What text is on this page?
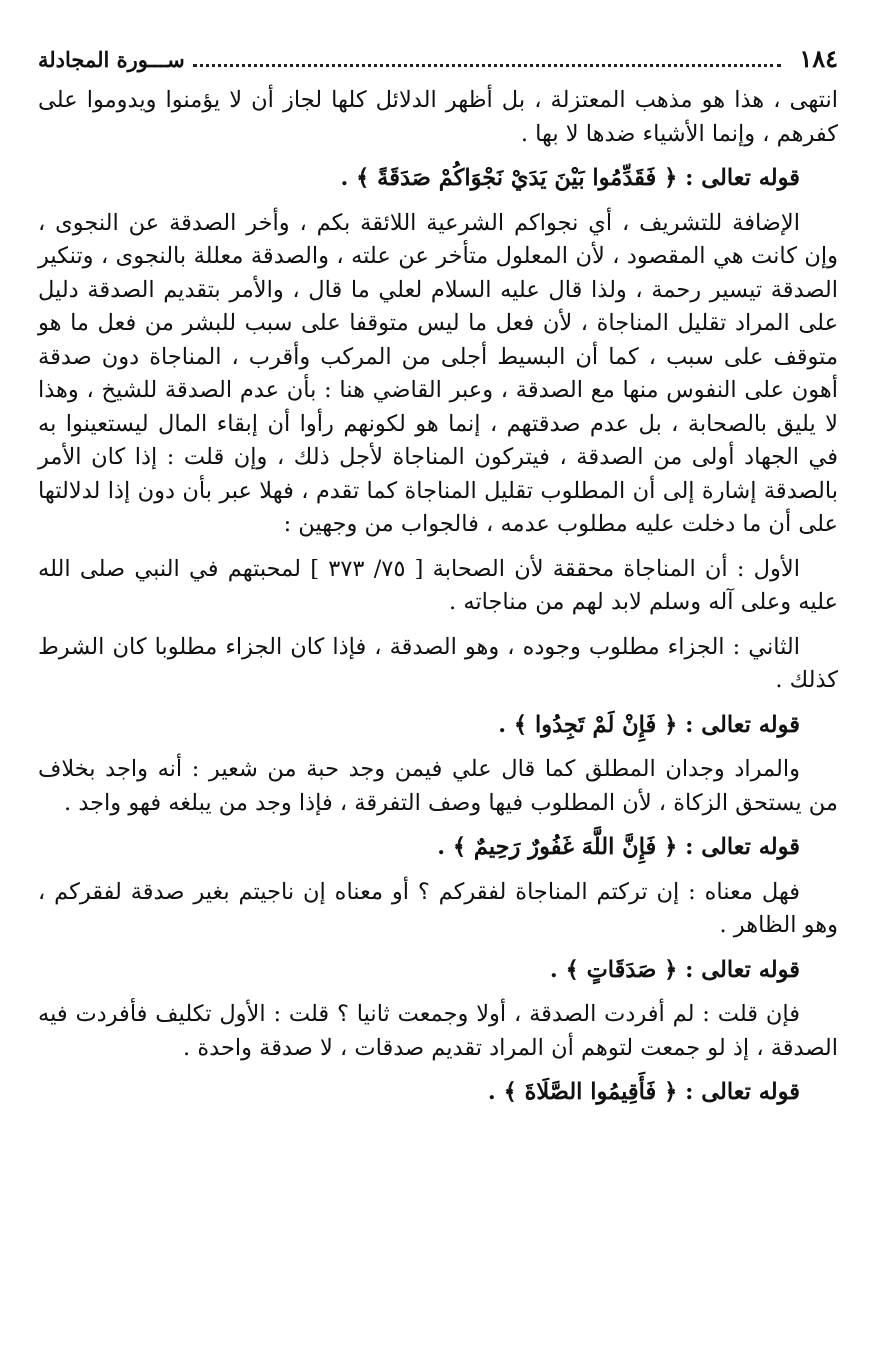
١٨٤
ســـورة المجادلة

انتهى ، هذا هو مذهب المعتزلة ، بل أظهر الدلائل كلها لجاز أن لا يؤمنوا ويدوموا على كفرهم ، وإنما الأشياء ضدها لا بها .

قوله تعالى : ﴿ فَقَدِّمُوا بَيْنَ يَدَيْ نَجْوَاكُمْ صَدَقَةً ﴾ .

الإضافة للتشريف ، أي نجواكم الشرعية اللائقة بكم ، وأخر الصدقة عن النجوى ، وإن كانت هي المقصود ، لأن المعلول متأخر عن علته ، والصدقة معللة بالنجوى ، وتنكير الصدقة تيسير رحمة ، ولذا قال عليه السلام لعلي ما قال ، والأمر بتقديم الصدقة دليل على المراد تقليل المناجاة ، لأن فعل ما ليس متوقفا على سبب للبشر من فعل ما هو متوقف على سبب ، كما أن البسيط أجلى من المركب وأقرب ، المناجاة دون صدقة أهون على النفوس منها مع الصدقة ، وعبر القاضي هنا : بأن عدم الصدقة للشيخ ، وهذا لا يليق بالصحابة ، بل عدم صدقتهم ، إنما هو لكونهم رأوا أن إبقاء المال ليستعينوا به في الجهاد أولى من الصدقة ، فيتركون المناجاة لأجل ذلك ، وإن قلت : إذا كان الأمر بالصدقة إشارة إلى أن المطلوب تقليل المناجاة كما تقدم ، فهلا عبر بأن دون إذا لدلالتها على أن ما دخلت عليه مطلوب عدمه ، فالجواب من وجهين :

الأول : أن المناجاة محققة لأن الصحابة [ ٧٥/ ٣٧٣ ] لمحبتهم في النبي صلى الله عليه وعلى آله وسلم لابد لهم من مناجاته .

الثاني : الجزاء مطلوب وجوده ، وهو الصدقة ، فإذا كان الجزاء مطلوبا كان الشرط كذلك .

قوله تعالى : ﴿ فَإِنْ لَمْ تَجِدُوا ﴾ .

والمراد وجدان المطلق كما قال علي فيمن وجد حبة من شعير : أنه واجد بخلاف من يستحق الزكاة ، لأن المطلوب فيها وصف التفرقة ، فإذا وجد من يبلغه فهو واجد .

قوله تعالى : ﴿ فَإِنَّ اللَّهَ غَفُورٌ رَحِيمٌ ﴾ .

فهل معناه : إن تركتم المناجاة لفقركم ؟ أو معناه إن ناجيتم بغير صدقة لفقركم ، وهو الظاهر .

قوله تعالى : ﴿ صَدَقَاتٍ ﴾ .

فإن قلت : لم أفردت الصدقة ، أولا وجمعت ثانيا ؟ قلت : الأول تكليف فأفردت فيه الصدقة ، إذ لو جمعت لتوهم أن المراد تقديم صدقات ، لا صدقة واحدة .

قوله تعالى : ﴿ فَأَقِيمُوا الصَّلَاةَ ﴾ .
